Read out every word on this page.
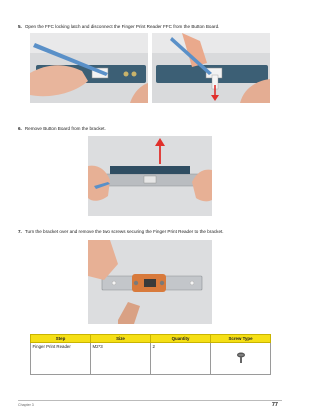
5. Open the FFC locking latch and disconnect the Finger Print Reader FFC from the Button Board.
6. Remove Button Board from the bracket.
7. Turn the bracket over and remove the two screws securing the Finger Print Reader to the bracket.
Step	Size	Quantity	Screw Type
Finger Print Reader	M2*3	2	
Chapter 3	77
